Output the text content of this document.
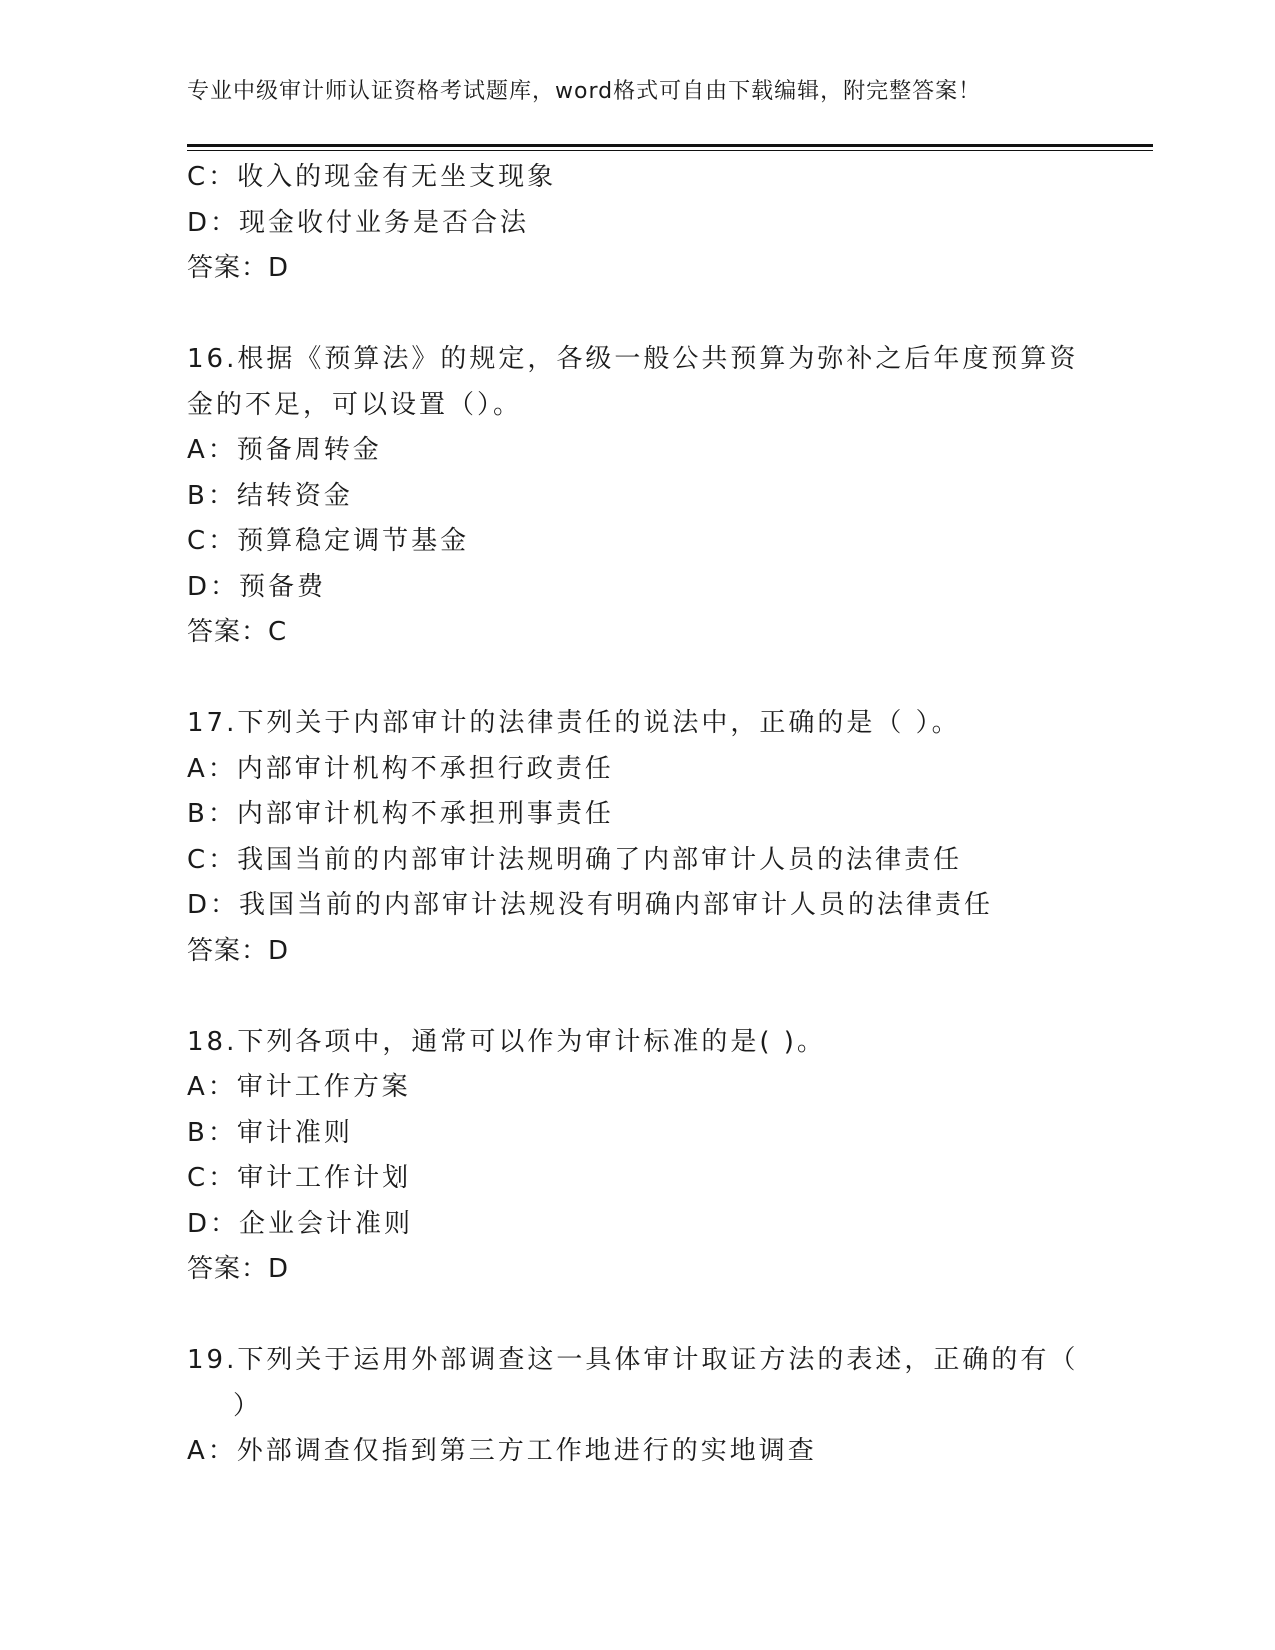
专业中级审计师认证资格考试题库，word格式可自由下载编辑，附完整答案！
C：收入的现金有无坐支现象
D：现金收付业务是否合法
答案：D
16.根据《预算法》的规定，各级一般公共预算为弥补之后年度预算资
金的不足，可以设置（）。
A：预备周转金
B：结转资金
C：预算稳定调节基金
D：预备费
答案：C
17.下列关于内部审计的法律责任的说法中，正确的是（ ）。
A：内部审计机构不承担行政责任
B：内部审计机构不承担刑事责任
C：我国当前的内部审计法规明确了内部审计人员的法律责任
D：我国当前的内部审计法规没有明确内部审计人员的法律责任
答案：D
18.下列各项中，通常可以作为审计标准的是( )。
A：审计工作方案
B：审计准则
C：审计工作计划
D：企业会计准则
答案：D
19.下列关于运用外部调查这一具体审计取证方法的表述，正确的有（
）
A：外部调查仅指到第三方工作地进行的实地调查
